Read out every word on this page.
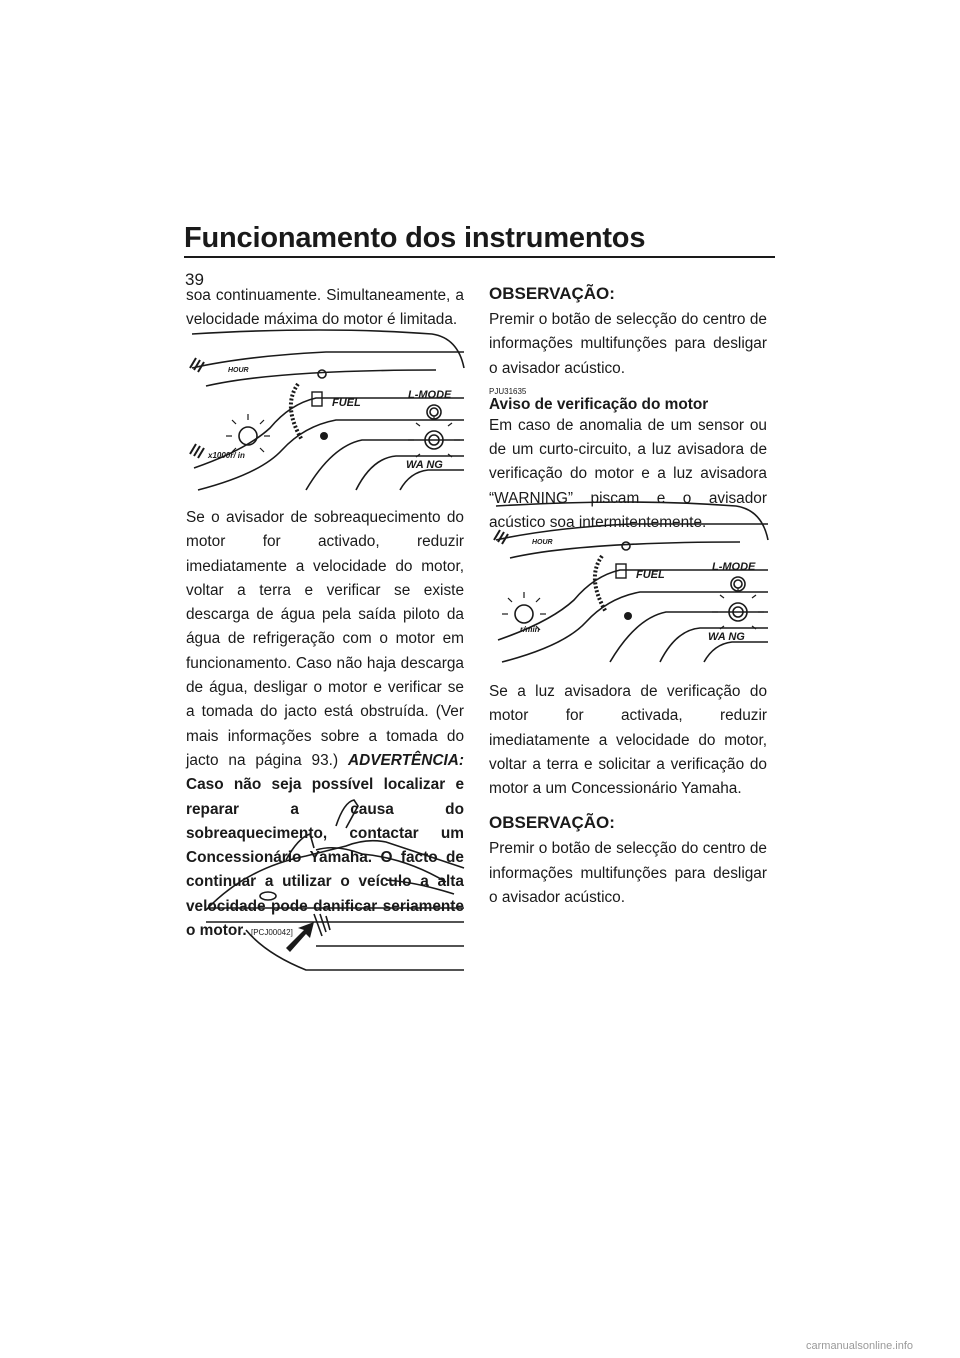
Funcionamento dos instrumentos
39

soa continuamente. Simultaneamente, a velocidade máxima do motor é limitada.

HOUR
FUEL
L-MODE
WA NG
x1000r/ in

Se o avisador de sobreaquecimento do motor for activado, reduzir imediatamente a velocidade do motor, voltar a terra e verificar se existe descarga de água pela saída piloto da água de refrigeração com o motor em funcionamento. Caso não haja descarga de água, desligar o motor e verificar se a tomada do jacto está obstruída. (Ver mais informações sobre a tomada do jacto na página 93.) ADVERTÊNCIA: Caso não seja possível localizar e reparar a causa do sobreaquecimento, contactar um Concessionário Yamaha. O facto de continuar a utilizar o veículo a alta velocidade pode danificar seriamente o motor. [PCJ00042]

OBSERVAÇÃO:

Premir o botão de selecção do centro de informações multifunções para desligar o avisador acústico.

PJU31635
Aviso de verificação do motor

Em caso de anomalia de um sensor ou de um curto-circuito, a luz avisadora de verificação do motor e a luz avisadora “WARNING” piscam e o avisador acústico soa intermitentemente.

HOUR
FUEL
L-MODE
WA NG
r/min

Se a luz avisadora de verificação do motor for activada, reduzir imediatamente a velocidade do motor, voltar a terra e solicitar a verificação do motor a um Concessionário Yamaha.

OBSERVAÇÃO:

Premir o botão de selecção do centro de informações multifunções para desligar o avisador acústico.

carmanualsonline.info
